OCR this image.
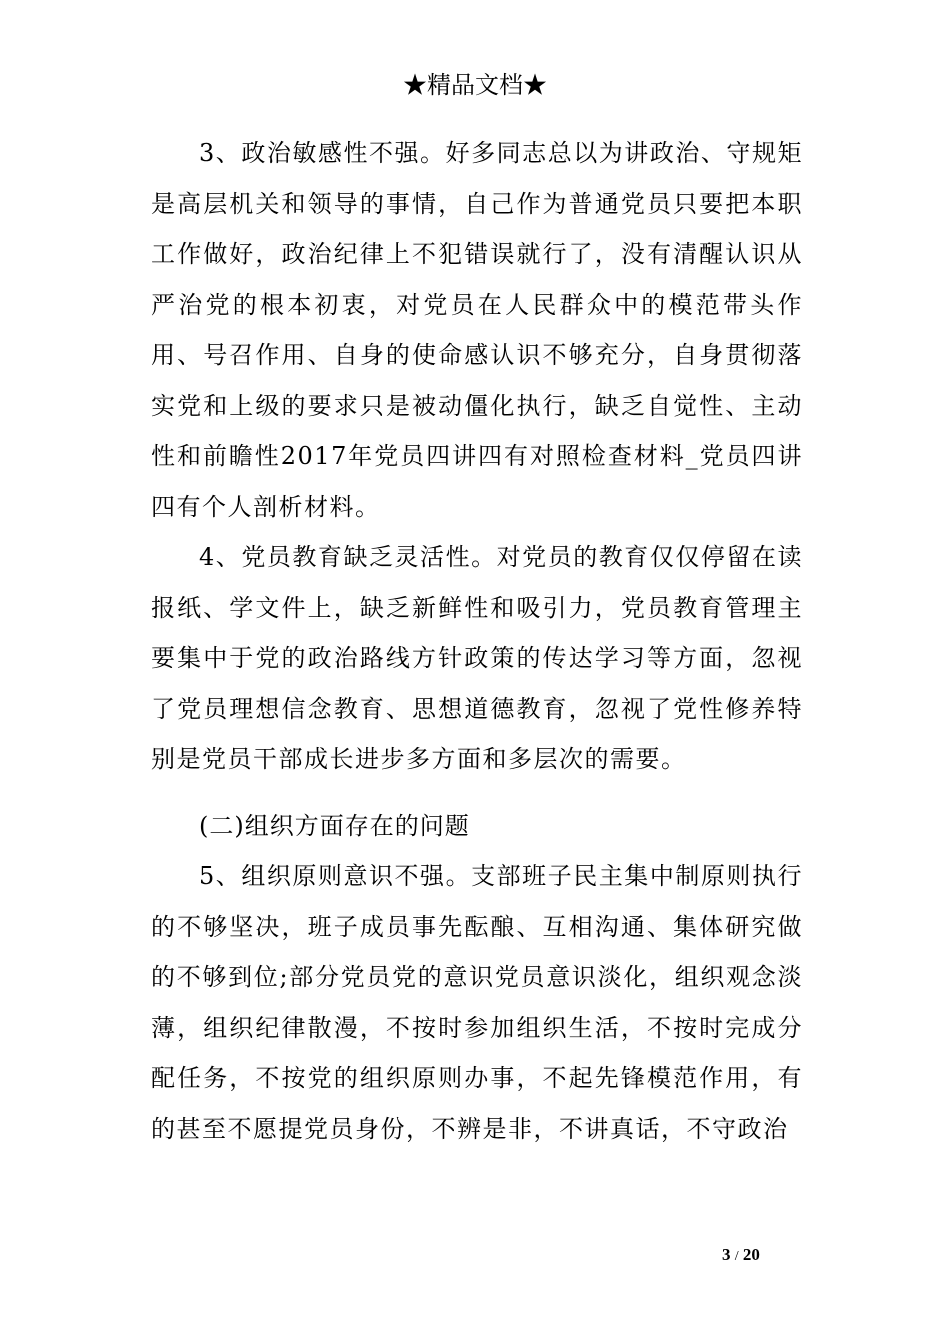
★精品文档★

3、政治敏感性不强。好多同志总以为讲政治、守规矩是高层机关和领导的事情，自己作为普通党员只要把本职工作做好，政治纪律上不犯错误就行了，没有清醒认识从严治党的根本初衷，对党员在人民群众中的模范带头作用、号召作用、自身的使命感认识不够充分，自身贯彻落实党和上级的要求只是被动僵化执行，缺乏自觉性、主动性和前瞻性2017年党员四讲四有对照检查材料_党员四讲四有个人剖析材料。

4、党员教育缺乏灵活性。对党员的教育仅仅停留在读报纸、学文件上，缺乏新鲜性和吸引力，党员教育管理主要集中于党的政治路线方针政策的传达学习等方面，忽视了党员理想信念教育、思想道德教育，忽视了党性修养特别是党员干部成长进步多方面和多层次的需要。

(二)组织方面存在的问题

5、组织原则意识不强。支部班子民主集中制原则执行的不够坚决，班子成员事先酝酿、互相沟通、集体研究做的不够到位;部分党员党的意识党员意识淡化，组织观念淡薄，组织纪律散漫，不按时参加组织生活，不按时完成分配任务，不按党的组织原则办事，不起先锋模范作用，有的甚至不愿提党员身份，不辨是非，不讲真话，不守政治

3 / 20
